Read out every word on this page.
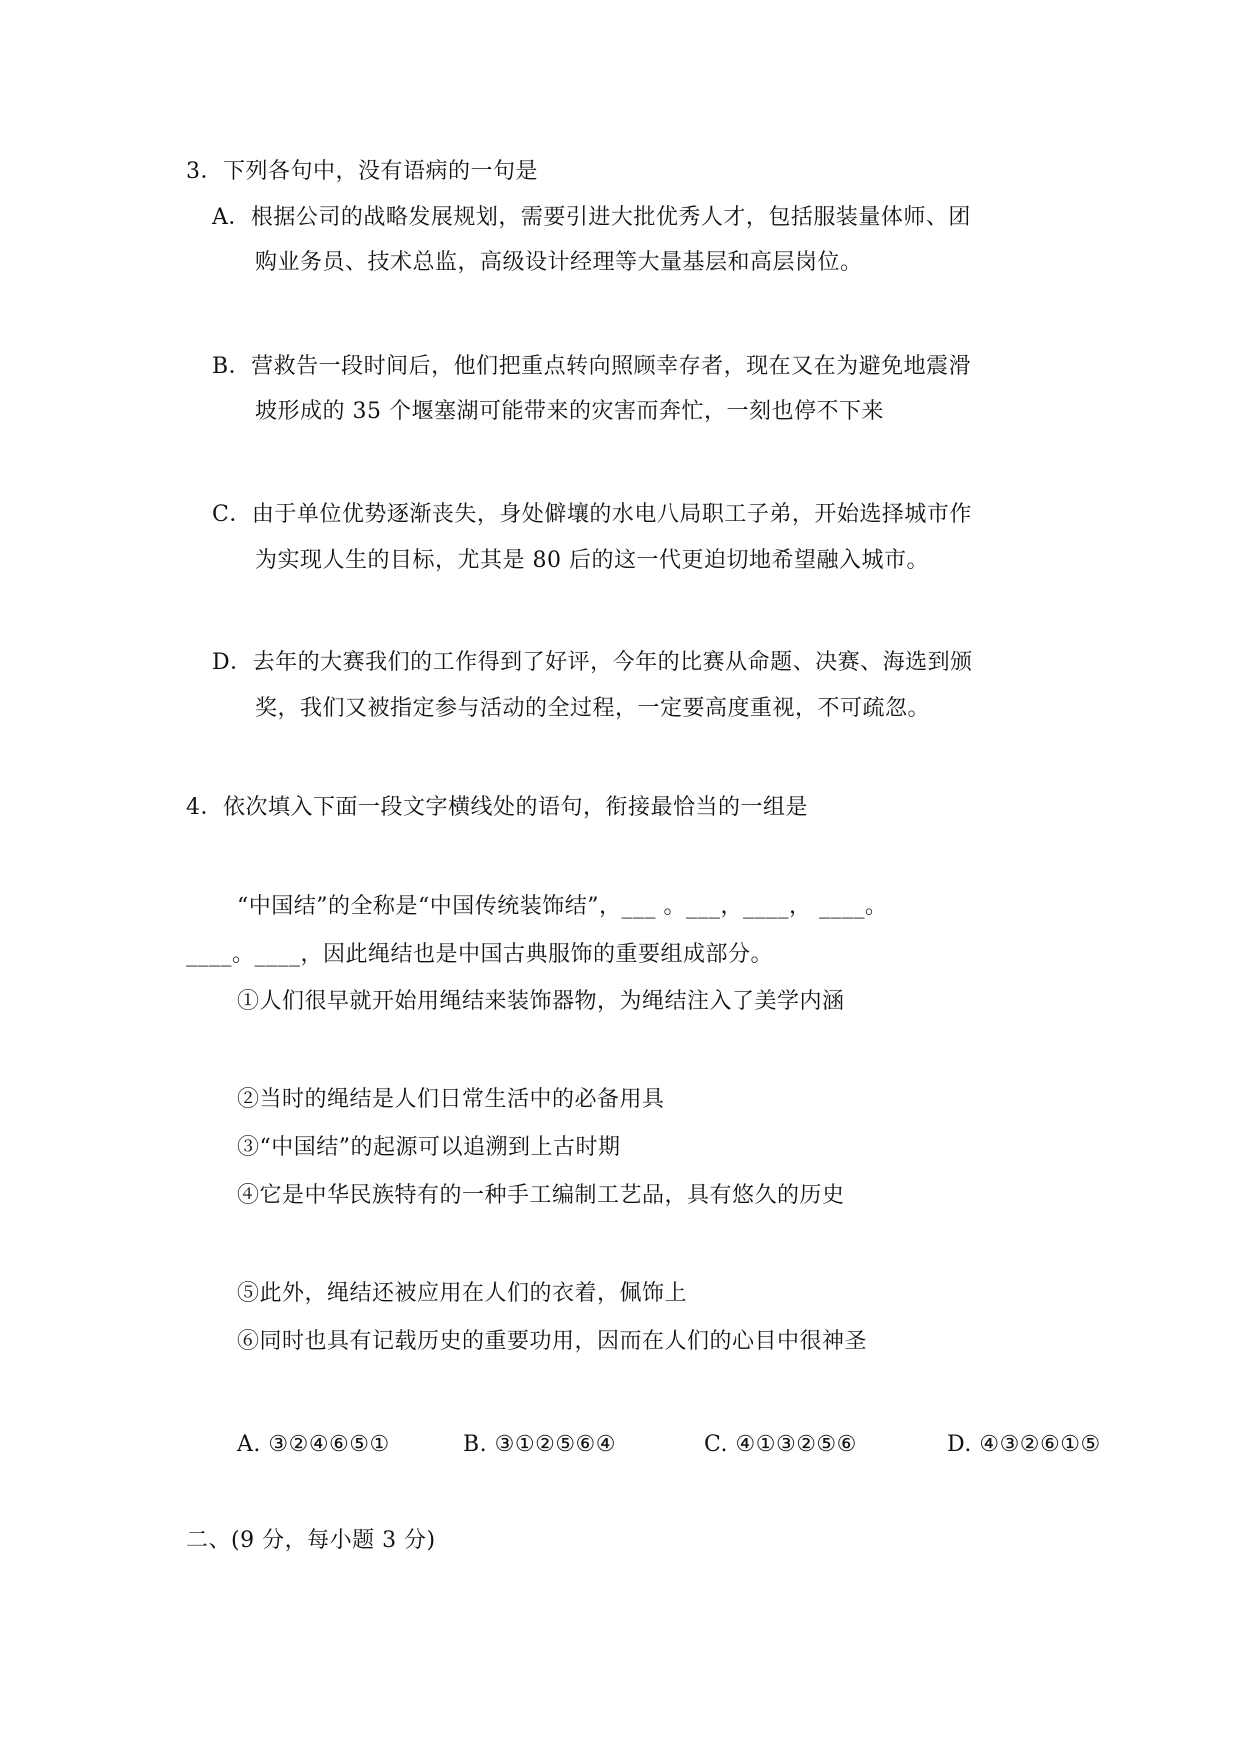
3．下列各句中，没有语病的一句是
A．根据公司的战略发展规划，需要引进大批优秀人才，包括服装量体师、团
购业务员、技术总监，高级设计经理等大量基层和高层岗位。
B．营救告一段时间后，他们把重点转向照顾幸存者，现在又在为避免地震滑
坡形成的 35 个堰塞湖可能带来的灾害而奔忙，一刻也停不下来
C．由于单位优势逐渐丧失，身处僻壤的水电八局职工子弟，开始选择城市作
为实现人生的目标，尤其是 80 后的这一代更迫切地希望融入城市。
D．去年的大赛我们的工作得到了好评，今年的比赛从命题、决赛、海选到颁
奖，我们又被指定参与活动的全过程，一定要高度重视，不可疏忽。
4．依次填入下面一段文字横线处的语句，衔接最恰当的一组是
“中国结”的全称是“中国传统装饰结”，___ 。___，____， ____。
____。____，因此绳结也是中国古典服饰的重要组成部分。
①人们很早就开始用绳结来装饰器物，为绳结注入了美学内涵
②当时的绳结是人们日常生活中的必备用具
③“中国结”的起源可以追溯到上古时期
④它是中华民族特有的一种手工编制工艺品，具有悠久的历史
⑤此外，绳结还被应用在人们的衣着，佩饰上
⑥同时也具有记载历史的重要功用，因而在人们的心目中很神圣
A. ③②④⑥⑤①	B. ③①②⑤⑥④	C. ④①③②⑤⑥	D. ④③②⑥①⑤
二、(9 分，每小题 3 分)
